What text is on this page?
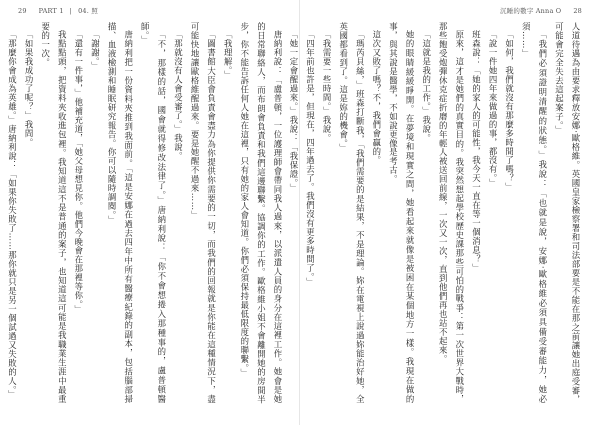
29 PART 1 | 04. 照	沉睡的數字 Anna O 28

唐納利說：「盧普頓，一位護理師會帶同我人過來，以派遣人員的身分在這裡工作。她會是她的日常聯絡人，而布朗會負責和我們這邊聯繫。協調你的工作。歐格維小姐不會離開她的房間半步，你不能告訴任何人她在這裡，只有她的家人會知道。你們必須保持最低限度的聯繫。」

「我理解。」

「圖書館大臣會負責會盡力為你提供你需要的一切，而我們的回報就是你能在這種情況下，盡可能快地讓歐格維醒過來。要是她醒不過來……」

「那就沒有人會受審了。」我說。

「不，那樣的話，國會就得修改法律了。」唐納利說：「你不會想捲入那種事的，盧普頓醫師。」

唐納利把一份資料夾推到我面前。「這是安娜在過去四年中所有醫療紀錄的副本，包括腦部掃描、血液檢測和睡眠研究報告。你可以隨時調閱。」

「謝謝。」

「還有一件事，」他補充道，「她父母想見你。他們今晚會在那裡等你。」

我點點頭，把資料夾收進包裡。我知道這不是普通的案子，也知道這可能是我職業生涯中最重要的一次。

「如果我成功了呢？」我問。

「那麼你會成為英雄。」唐納利說：「如果你失敗了……那你就只是另一個試過又失敗的人。」	人道待遇為由要求釋放安娜‧歐格維。英國皇家檢察署和司法部要是不能在那之前讓她出庭受審，可能會完全失去這起案子。」

「我們必須證明清醒的狀態。」我說：「也就是說，安娜‧歐格維必須具備受審能力，她必須……」

「如何，我們就沒有那麼多時間了嗎？」

「說一件她四年來做過的事，都沒有。」

班森說：「她的家人的可能性，我今天一直在等一個消息？」

原來，這才是她們的真實目的。我突然想起學校歷史課那些可怕的戰爭：第一次世界大戰時，那些飽受炮彈休克症折磨的年輕人被送回前線，一次又一次，直到他們再也站不起來。

「這就是我的工作。」我說。

她的眼睛緩緩睜開。在夢境和現實之間，她看起來就像是被困在某個地方一樣。我現在做的事，與其說是醫學，不如說更像是考古。

這次又敗了嗎？不，我們會贏的。

「瑪芮貝絲，」班森打斷我，「我們需要的是結果，不是理論。妳在電視上說過妳能治好她，全英國都看到了。這是妳的機會。」

「我需要一些時間。」我說。

「四年前也許是，但現在，四年過去了。我們沒有更多時間了。」

「她一定會醒過來。」我說：「我保證。」
